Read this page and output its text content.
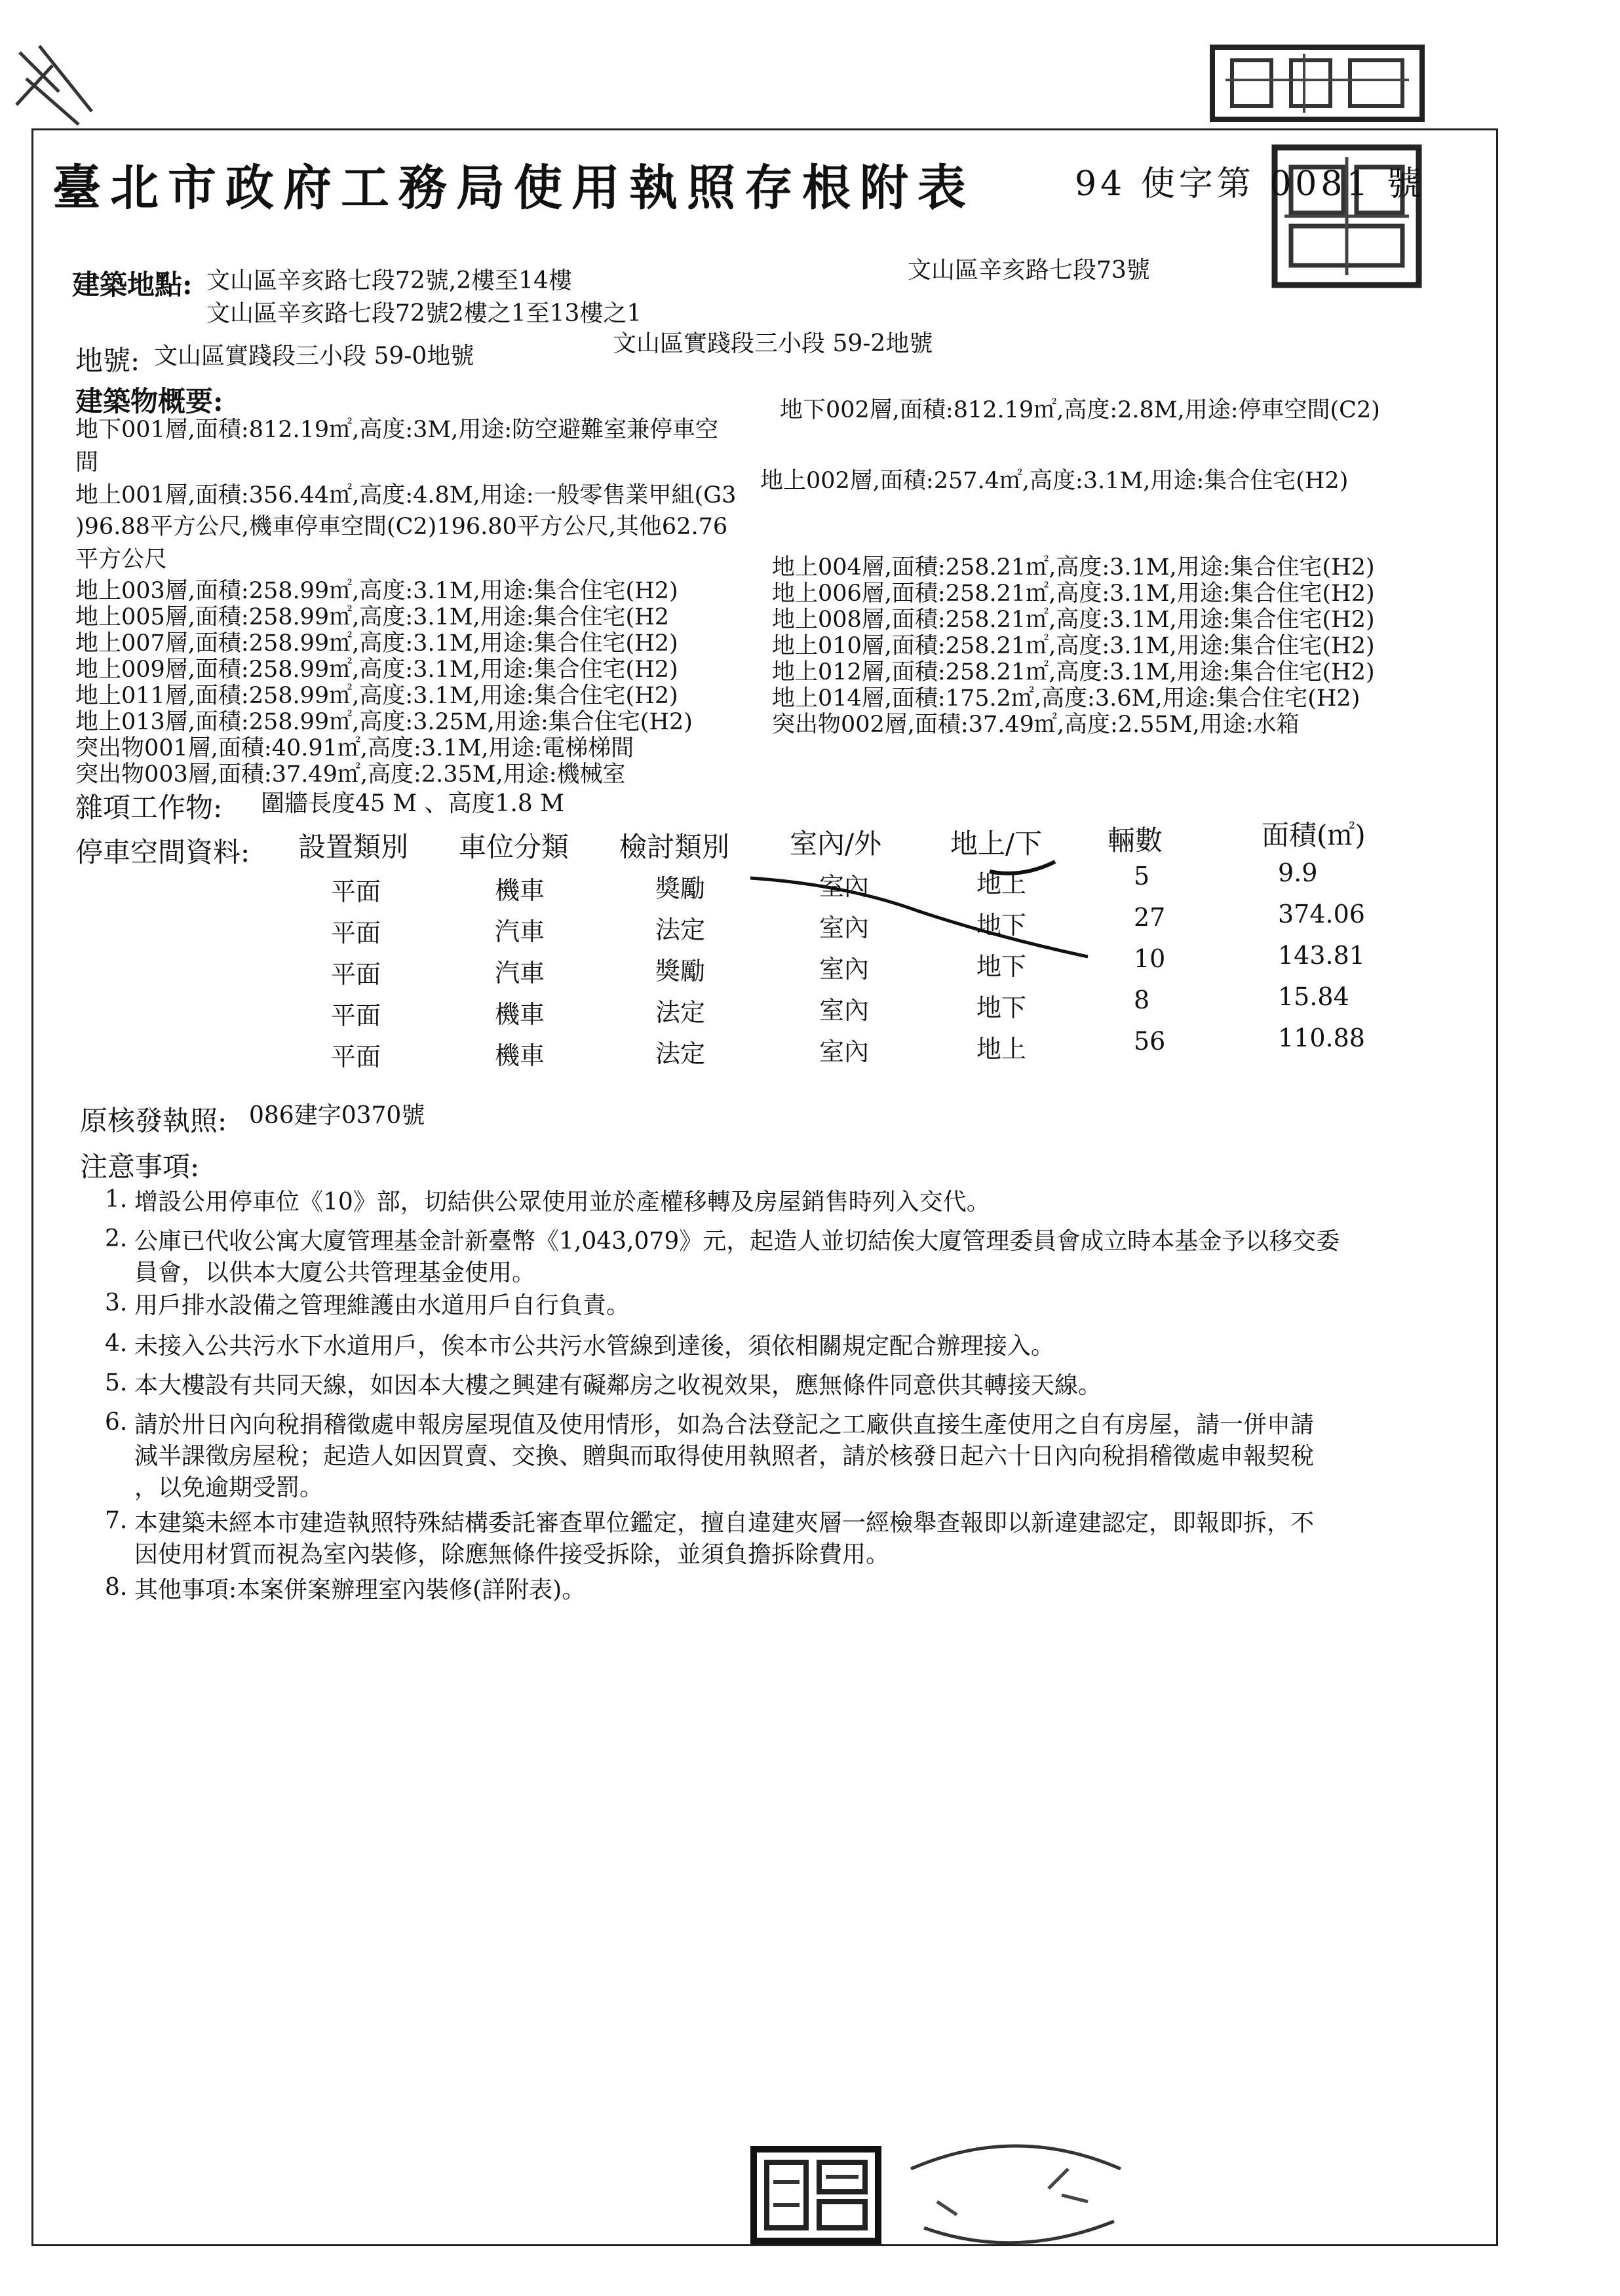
臺北市政府工務局使用執照存根附表	94 使字第 0081 號
建築地點: 文山區辛亥路七段72號,2樓至14樓
文山區辛亥路七段72號2樓之1至13樓之1
文山區辛亥路七段73號
地號: 文山區實踐段三小段 59-0地號	文山區實踐段三小段 59-2地號
建築物概要:
地下001層,面積:812.19㎡,高度:3M,用途:防空避難室兼停車空
地下002層,面積:812.19㎡,高度:2.8M,用途:停車空間(C2)
間
地上001層,面積:356.44㎡,高度:4.8M,用途:一般零售業甲組(G3
地上002層,面積:257.4㎡,高度:3.1M,用途:集合住宅(H2)
)96.88平方公尺,機車停車空間(C2)196.80平方公尺,其他62.76
平方公尺
地上003層,面積:258.99㎡,高度:3.1M,用途:集合住宅(H2)
地上005層,面積:258.99㎡,高度:3.1M,用途:集合住宅(H2
地上007層,面積:258.99㎡,高度:3.1M,用途:集合住宅(H2)
地上009層,面積:258.99㎡,高度:3.1M,用途:集合住宅(H2)
地上011層,面積:258.99㎡,高度:3.1M,用途:集合住宅(H2)
地上013層,面積:258.99㎡,高度:3.25M,用途:集合住宅(H2)
突出物001層,面積:40.91㎡,高度:3.1M,用途:電梯梯間
突出物003層,面積:37.49㎡,高度:2.35M,用途:機械室
地上004層,面積:258.21㎡,高度:3.1M,用途:集合住宅(H2)
地上006層,面積:258.21㎡,高度:3.1M,用途:集合住宅(H2)
地上008層,面積:258.21㎡,高度:3.1M,用途:集合住宅(H2)
地上010層,面積:258.21㎡,高度:3.1M,用途:集合住宅(H2)
地上012層,面積:258.21㎡,高度:3.1M,用途:集合住宅(H2)
地上014層,面積:175.2㎡,高度:3.6M,用途:集合住宅(H2)
突出物002層,面積:37.49㎡,高度:2.55M,用途:水箱
雜項工作物: 圍牆長度45 M 、高度1.8 M
停車空間資料: 設置類別 車位分類 檢討類別 室內/外 地上/下 輛數	面積(㎡)
平面	機車	獎勵	室內	地上	5	9.9
平面	汽車	法定	室內	地下	27	374.06
平面	汽車	獎勵	室內	地下	10	143.81
平面	機車	法定	室內	地下	8	15.84
平面	機車	法定	室內	地上	56	110.88
原核發執照: 086建字0370號
注意事項:
1. 增設公用停車位《10》部，切結供公眾使用並於產權移轉及房屋銷售時列入交代。
2. 公庫已代收公寓大廈管理基金計新臺幣《1,043,079》元，起造人並切結俟大廈管理委員會成立時本基金予以移交委
員會，以供本大廈公共管理基金使用。
3. 用戶排水設備之管理維護由水道用戶自行負責。
4. 未接入公共污水下水道用戶，俟本市公共污水管線到達後，須依相關規定配合辦理接入。
5. 本大樓設有共同天線，如因本大樓之興建有礙鄰房之收視效果，應無條件同意供其轉接天線。
6. 請於卅日內向稅捐稽徵處申報房屋現值及使用情形，如為合法登記之工廠供直接生產使用之自有房屋，請一併申請
減半課徵房屋稅；起造人如因買賣、交換、贈與而取得使用執照者，請於核發日起六十日內向稅捐稽徵處申報契稅
，以免逾期受罰。
7. 本建築未經本市建造執照特殊結構委託審查單位鑑定，擅自違建夾層一經檢舉查報即以新違建認定，即報即拆，不
因使用材質而視為室內裝修，除應無條件接受拆除，並須負擔拆除費用。
8. 其他事項:本案併案辦理室內裝修(詳附表)。
